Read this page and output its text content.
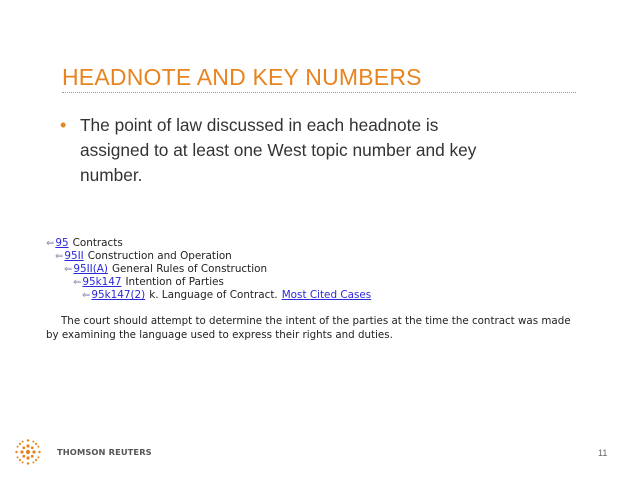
HEADNOTE AND KEY NUMBERS
• The point of law discussed in each headnote is
assigned to at least one West topic number and key
number.
⇐ 95 Contracts
⇐ 95II Construction and Operation
⇐ 95II(A) General Rules of Construction
⇐ 95k147 Intention of Parties
⇐ 95k147(2) k. Language of Contract. Most Cited Cases
The court should attempt to determine the intent of the parties at the time the contract was made
by examining the language used to express their rights and duties.
THOMSON REUTERS	11
